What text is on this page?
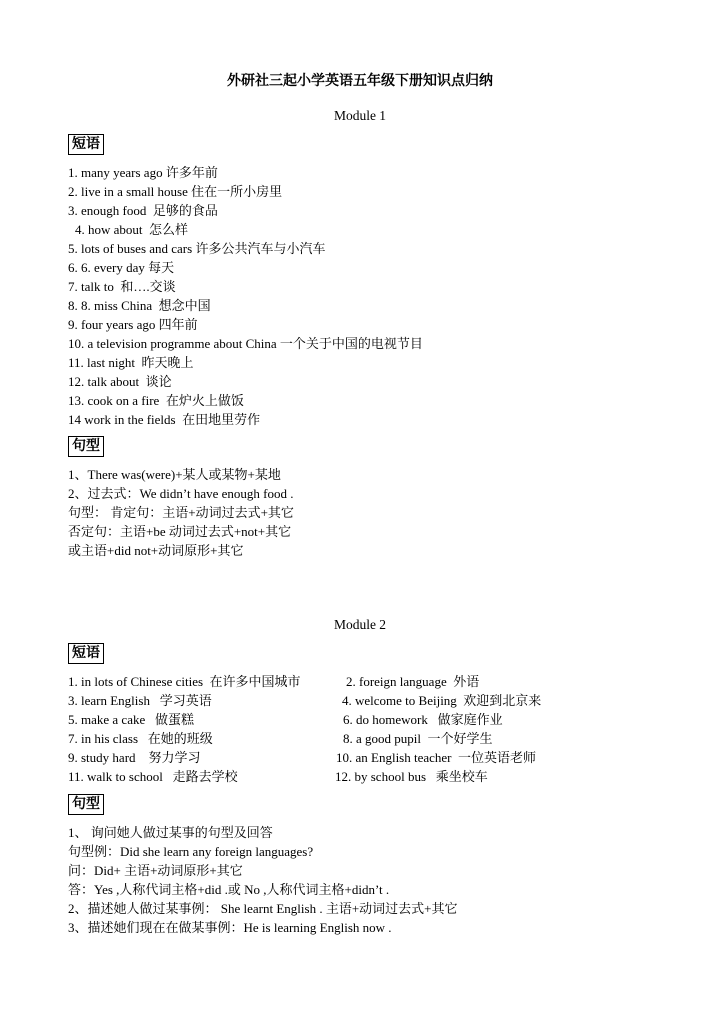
外研社三起小学英语五年级下册知识点归纳
Module 1
短语
1. many years ago 许多年前
2. live in a small house 住在一所小房里
3. enough food  足够的食品
4. how about  怎么样
5. lots of buses and cars 许多公共汽车与小汽车
6. 6. every day 每天
7. talk to  和….交谈
8. 8. miss China  想念中国
9. four years ago 四年前
10. a television programme about China 一个关于中国的电视节目
11. last night  昨天晚上
12. talk about  谈论
13. cook on a fire  在炉火上做饭
14 work in the fields  在田地里劳作
句型
1、There was(were)+某人或某物+某地
2、过去式：We didn’t have enough food .
句型： 肯定句：主语+动词过去式+其它
否定句：主语+be 动词过去式+not+其它
或主语+did not+动词原形+其它
Module 2
短语
1. in lots of Chinese cities  在许多中国城市
3. learn English   学习英语
5. make a cake   做蛋糕
7. in his class   在她的班级
9. study hard    努力学习
11. walk to school   走路去学校
2. foreign language  外语
4. welcome to Beijing  欢迎到北京来
6. do homework   做家庭作业
8. a good pupil  一个好学生
10. an English teacher  一位英语老师
12. by school bus   乘坐校车
句型
1、 询问她人做过某事的句型及回答
句型例：Did she learn any foreign languages?
问：Did+ 主语+动词原形+其它
答：Yes ,人称代词主格+did .或 No ,人称代词主格+didn’t .
2、描述她人做过某事例： She learnt English . 主语+动词过去式+其它
3、描述她们现在在做某事例：He is learning English now .
